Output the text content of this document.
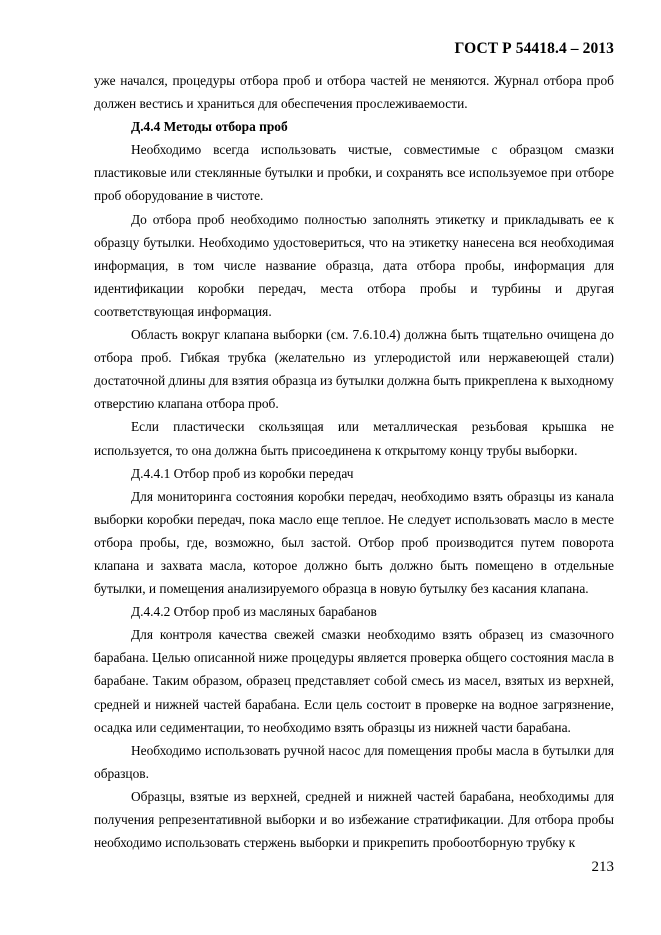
ГОСТ Р 54418.4 – 2013

уже начался, процедуры отбора проб и отбора частей не меняются. Журнал отбора проб должен вестись и храниться для обеспечения прослеживаемости.

Д.4.4 Методы отбора проб

Необходимо всегда использовать чистые, совместимые с образцом смазки пластиковые или стеклянные бутылки и пробки, и сохранять все используемое при отборе проб оборудование в чистоте.

До отбора проб необходимо полностью заполнять этикетку и прикладывать ее к образцу бутылки. Необходимо удостовериться, что на этикетку нанесена вся необходимая информация, в том числе название образца, дата отбора пробы, информация для идентификации коробки передач, места отбора пробы и турбины и другая соответствующая информация.

Область вокруг клапана выборки (см. 7.6.10.4) должна быть тщательно очищена до отбора проб. Гибкая трубка (желательно из углеродистой или нержавеющей стали) достаточной длины для взятия образца из бутылки должна быть прикреплена к выходному отверстию клапана отбора проб.

Если пластически скользящая или металлическая резьбовая крышка не используется, то она должна быть присоединена к открытому концу трубы выборки.

Д.4.4.1 Отбор проб из коробки передач

Для мониторинга состояния коробки передач, необходимо взять образцы из канала выборки коробки передач, пока масло еще теплое. Не следует использовать масло в месте отбора пробы, где, возможно, был застой. Отбор проб производится путем поворота клапана и захвата масла, которое должно быть должно быть помещено в отдельные бутылки, и помещения анализируемого образца в новую бутылку без касания клапана.

Д.4.4.2 Отбор проб из масляных барабанов

Для контроля качества свежей смазки необходимо взять образец из смазочного барабана. Целью описанной ниже процедуры является проверка общего состояния масла в барабане. Таким образом, образец представляет собой смесь из масел, взятых из верхней, средней и нижней частей барабана. Если цель состоит в проверке на водное загрязнение, осадка или седиментации, то необходимо взять образцы из нижней части барабана.

Необходимо использовать ручной насос для помещения пробы масла в бутылки для образцов.

Образцы, взятые из верхней, средней и нижней частей барабана, необходимы для получения репрезентативной выборки и во избежание стратификации. Для отбора пробы необходимо использовать стержень выборки и прикрепить пробоотборную трубку к

213
